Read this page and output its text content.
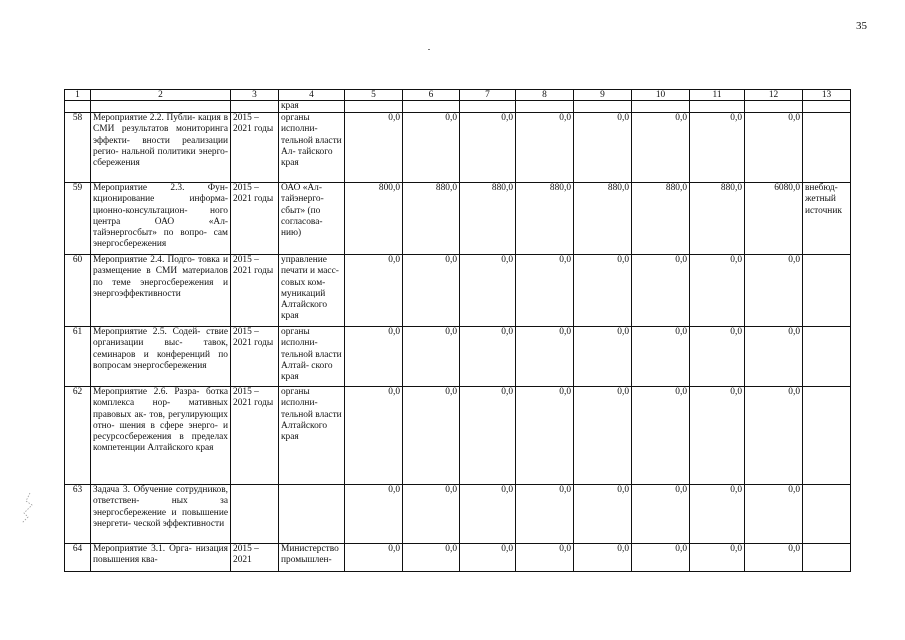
35
1	2	3	4	5	6	7	8	9	10	11	12	13
			края									
58	Мероприятие 2.2. Публи- кация в СМИ результатов мониторинга эффекти- вности реализации регио- нальной политики энерго- сбережения	2015 – 2021 годы	органы исполни- тельной власти Ал- тайского края	0,0	0,0	0,0	0,0	0,0	0,0	0,0	0,0	
59	Мероприятие 2.3. Фун- кционирование информа- ционно-консультацион- ного центра ОАО «Ал- тайэнергосбыт» по вопро- сам энергосбережения	2015 – 2021 годы	ОАО «Ал- тайэнерго- сбыт» (по согласова- нию)	800,0	880,0	880,0	880,0	880,0	880,0	880,0	6080,0	внебюд- жетный источник
60	Мероприятие 2.4. Подго- товка и размещение в СМИ материалов по теме энергосбережения и энергоэффективности	2015 – 2021 годы	управление печати и масс- совых ком- муникаций Алтайского края	0,0	0,0	0,0	0,0	0,0	0,0	0,0	0,0	
61	Мероприятие 2.5. Содей- ствие организации выс- тавок, семинаров и конференций по вопросам энергосбережения	2015 – 2021 годы	органы исполни- тельной власти Алтай- ского края	0,0	0,0	0,0	0,0	0,0	0,0	0,0	0,0	
62	Мероприятие 2.6. Разра- ботка комплекса нор- мативных правовых ак- тов, регулирующих отно- шения в сфере энерго- и ресурсосбережения в пределах компетенции Алтайского края	2015 – 2021 годы	органы исполни- тельной власти Алтайского края	0,0	0,0	0,0	0,0	0,0	0,0	0,0	0,0	
63	Задача 3. Обучение сотрудников, ответствен- ных за энергосбережение и повышение энергети- ческой эффективности			0,0	0,0	0,0	0,0	0,0	0,0	0,0	0,0	
64	Мероприятие 3.1. Орга- низация повышения ква-	2015 – 2021	Министерство промышлен-	0,0	0,0	0,0	0,0	0,0	0,0	0,0	0,0	
